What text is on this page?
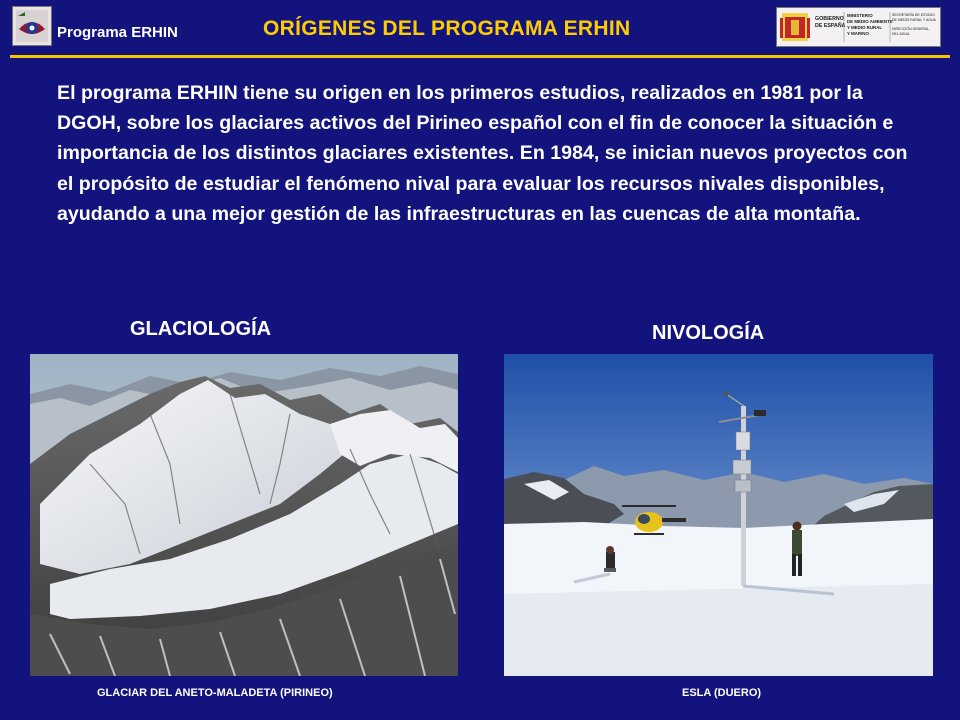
Programa ERHIN	ORÍGENES DEL PROGRAMA ERHIN	GOBIERNO
DE ESPAÑA
MINISTERIO
DE MEDIO AMBIENTE
Y MEDIO RURAL
Y MARINO
SECRETARÍA DE ESTADO
DE MEDIO RURAL Y AGUA
DIRECCIÓN GENERAL
DEL AGUA
El programa ERHIN tiene su origen en los primeros estudios, realizados en 1981 por la DGOH, sobre los glaciares activos del Pirineo español con el fin de conocer la situación e importancia de los distintos glaciares existentes. En 1984, se inician nuevos proyectos con el propósito de estudiar el fenómeno nival para evaluar los recursos nivales disponibles, ayudando a una mejor gestión de las infraestructuras en las cuencas de alta montaña.
GLACIOLOGÍA	NIVOLOGÍA
GLACIAR DEL ANETO-MALADETA (PIRINEO)	ESLA (DUERO)
